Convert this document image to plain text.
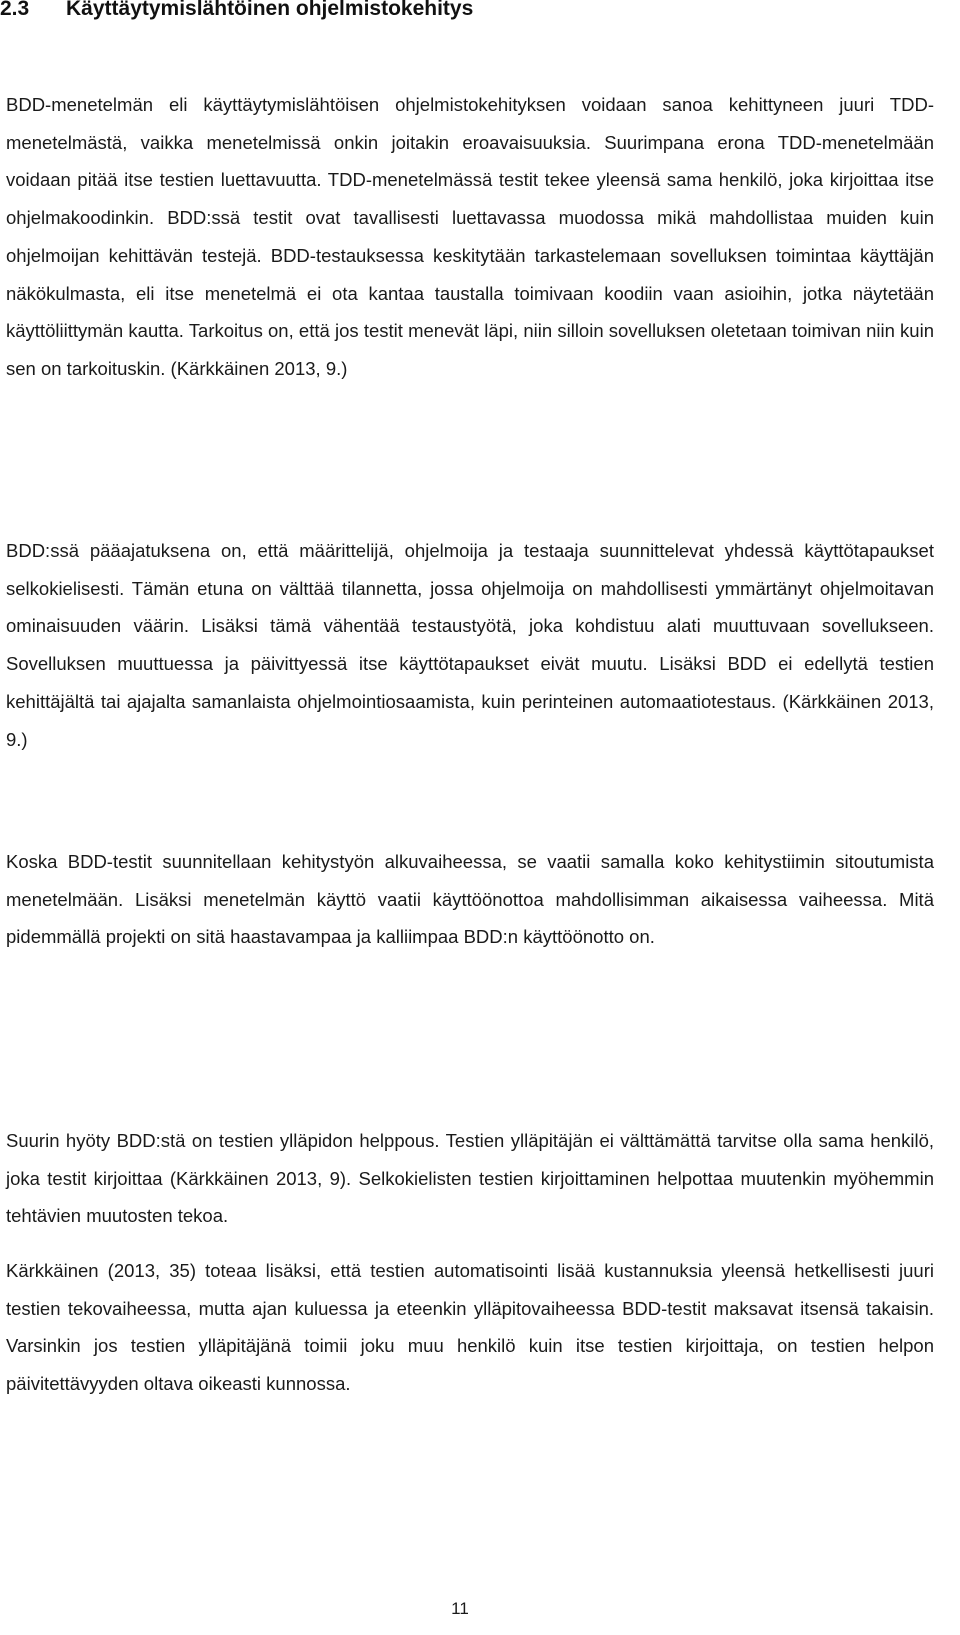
2.3 Käyttäytymislähtöinen ohjelmistokehitys

BDD-menetelmän eli käyttäytymislähtöisen ohjelmistokehityksen voidaan sanoa kehittyneen juuri TDD-menetelmästä, vaikka menetelmissä onkin joitakin eroavaisuuksia. Suurimpana erona TDD-menetelmään voidaan pitää itse testien luettavuutta. TDD-menetelmässä testit tekee yleensä sama henkilö, joka kirjoittaa itse ohjelmakoodinkin. BDD:ssä testit ovat tavallisesti luettavassa muodossa mikä mahdollistaa muiden kuin ohjelmoijan kehittävän testejä. BDD-testauksessa keskitytään tarkastelemaan sovelluksen toimintaa käyttäjän näkökulmasta, eli itse menetelmä ei ota kantaa taustalla toimivaan koodiin vaan asioihin, jotka näytetään käyttöliittymän kautta. Tarkoitus on, että jos testit menevät läpi, niin silloin sovelluksen oletetaan toimivan niin kuin sen on tarkoituskin. (Kärkkäinen 2013, 9.)

BDD:ssä pääajatuksena on, että määrittelijä, ohjelmoija ja testaaja suunnittelevat yhdessä käyttötapaukset selkokielisesti. Tämän etuna on välttää tilannetta, jossa ohjelmoija on mahdollisesti ymmärtänyt ohjelmoitavan ominaisuuden väärin. Lisäksi tämä vähentää testaustyötä, joka kohdistuu alati muuttuvaan sovellukseen. Sovelluksen muuttuessa ja päivittyessä itse käyttötapaukset eivät muutu. Lisäksi BDD ei edellytä testien kehittäjältä tai ajajalta samanlaista ohjelmointiosaamista, kuin perinteinen automaatiotestaus. (Kärkkäinen 2013, 9.)

Koska BDD-testit suunnitellaan kehitystyön alkuvaiheessa, se vaatii samalla koko kehitystiimin sitoutumista menetelmään. Lisäksi menetelmän käyttö vaatii käyttöönottoa mahdollisimman aikaisessa vaiheessa. Mitä pidemmällä projekti on sitä haastavampaa ja kalliimpaa BDD:n käyttöönotto on.

Suurin hyöty BDD:stä on testien ylläpidon helppous. Testien ylläpitäjän ei välttämättä tarvitse olla sama henkilö, joka testit kirjoittaa (Kärkkäinen 2013, 9). Selkokielisten testien kirjoittaminen helpottaa muutenkin myöhemmin tehtävien muutosten tekoa.

Kärkkäinen (2013, 35) toteaa lisäksi, että testien automatisointi lisää kustannuksia yleensä hetkellisesti juuri testien tekovaiheessa, mutta ajan kuluessa ja eteenkin ylläpitovaiheessa BDD-testit maksavat itsensä takaisin. Varsinkin jos testien ylläpitäjänä toimii joku muu henkilö kuin itse testien kirjoittaja, on testien helpon päivitettävyyden oltava oikeasti kunnossa.

11
